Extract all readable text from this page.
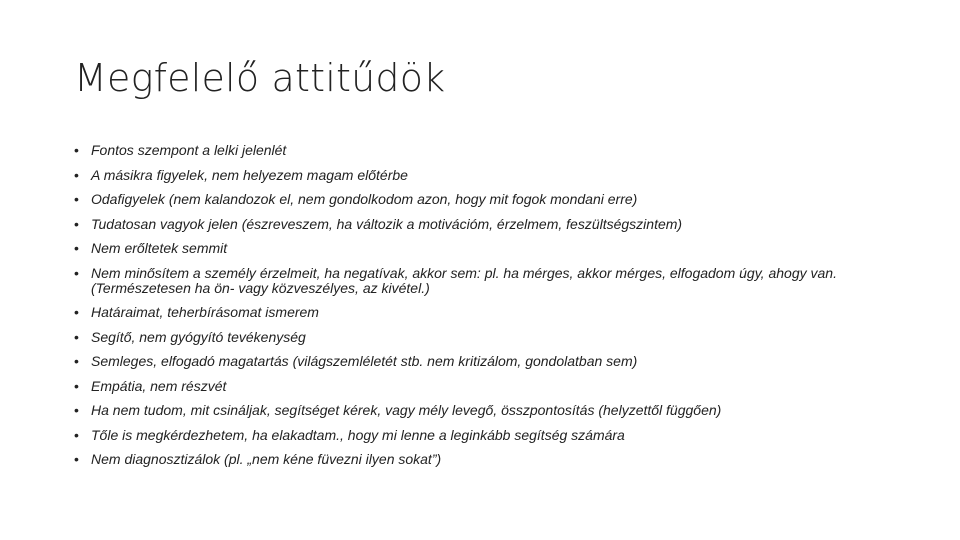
Megfelelő attitűdök
• Fontos szempont a lelki jelenlét
• A másikra figyelek, nem helyezem magam előtérbe
• Odafigyelek (nem kalandozok el, nem gondolkodom azon, hogy mit fogok mondani erre)
• Tudatosan vagyok jelen (észreveszem, ha változik a motivációm, érzelmem, feszültségszintem)
• Nem erőltetek semmit
• Nem minősítem a személy érzelmeit, ha negatívak, akkor sem: pl. ha mérges, akkor mérges, elfogadom úgy, ahogy van. (Természetesen ha ön- vagy közveszélyes, az kivétel.)
• Határaimat, teherbírásomat ismerem
• Segítő, nem gyógyító tevékenység
• Semleges, elfogadó magatartás (világszemléletét stb. nem kritizálom, gondolatban sem)
• Empátia, nem részvét
• Ha nem tudom, mit csináljak, segítséget kérek, vagy mély levegő, összpontosítás (helyzettől függően)
• Tőle is megkérdezhetem, ha elakadtam., hogy mi lenne a leginkább segítség számára
• Nem diagnosztizálok (pl. „nem kéne füvezni ilyen sokat”)
